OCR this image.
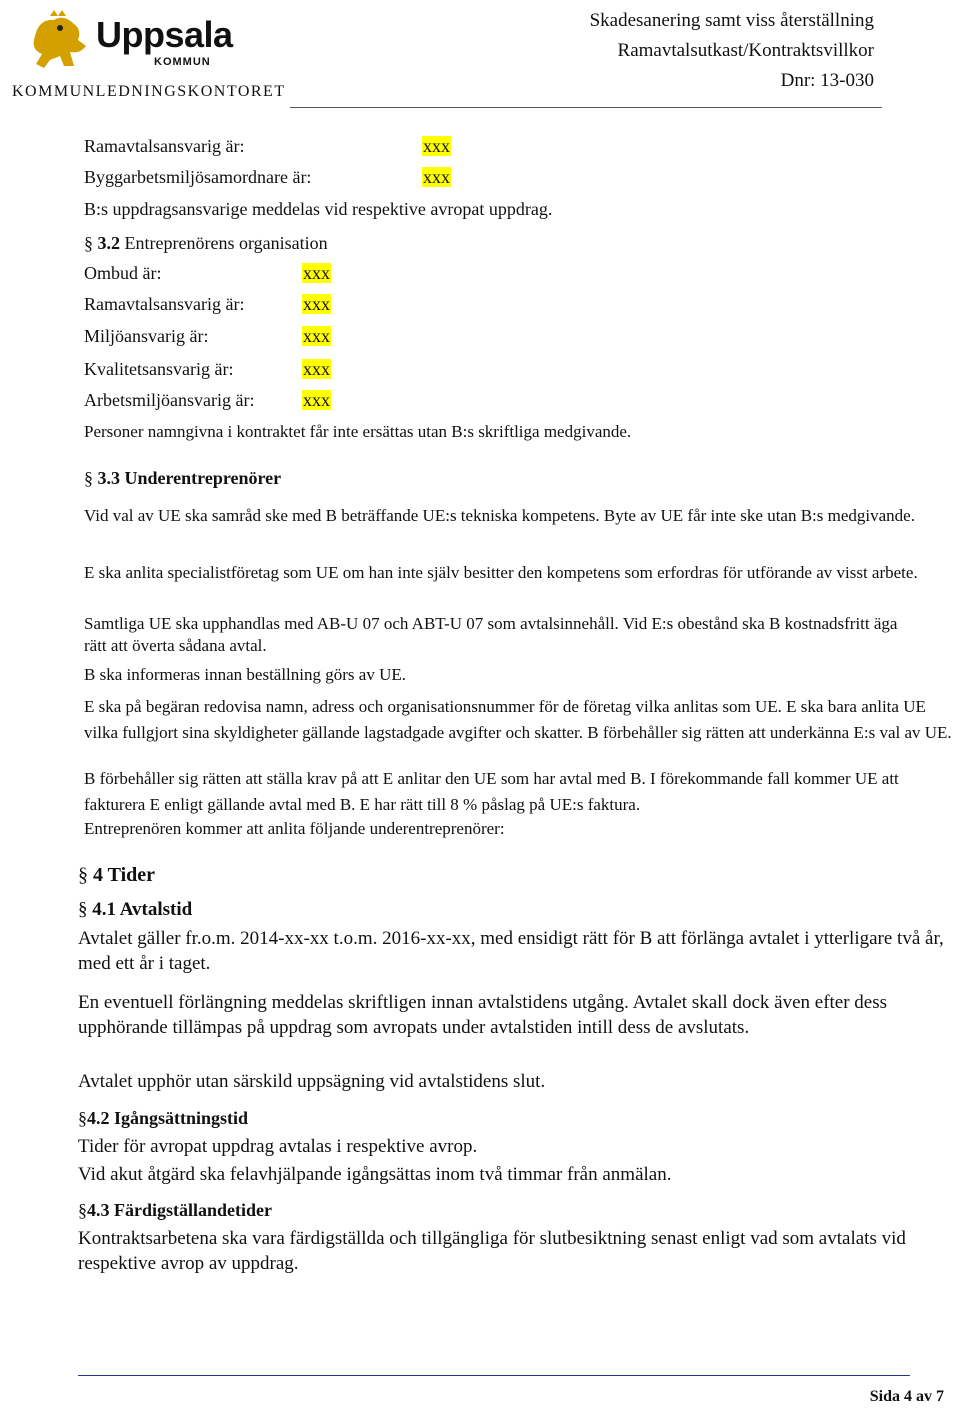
Uppsala
KOMMUN
KOMMUNLEDNINGSKONTORET
Skadesanering samt viss återställning
Ramavtalsutkast/Kontraktsvillkor
Dnr: 13-030
Ramavtalsansvarig är:	xxx
Byggarbetsmiljösamordnare är:	xxx
B:s uppdragsansvarige meddelas vid respektive avropat uppdrag.
§ 3.2 Entreprenörens organisation
Ombud är:	xxx
Ramavtalsansvarig är:	xxx
Miljöansvarig är:	xxx
Kvalitetsansvarig är:	xxx
Arbetsmiljöansvarig är:	xxx
Personer namngivna i kontraktet får inte ersättas utan B:s skriftliga medgivande.
§ 3.3 Underentreprenörer
Vid val av UE ska samråd ske med B beträffande UE:s tekniska kompetens. Byte av UE får inte ske utan B:s medgivande.
E ska anlita specialistföretag som UE om han inte själv besitter den kompetens som erfordras för utförande av visst arbete.
Samtliga UE ska upphandlas med AB-U 07 och ABT-U 07 som avtalsinnehåll. Vid E:s obestånd ska B kostnadsfritt äga rätt att överta sådana avtal.
B ska informeras innan beställning görs av UE.
E ska på begäran redovisa namn, adress och organisationsnummer för de företag vilka anlitas som UE. E ska bara anlita UE vilka fullgjort sina skyldigheter gällande lagstadgade avgifter och skatter. B förbehåller sig rätten att underkänna E:s val av UE.
B förbehåller sig rätten att ställa krav på att E anlitar den UE som har avtal med B. I förekommande fall kommer UE att fakturera E enligt gällande avtal med B. E har rätt till 8 % påslag på UE:s faktura.
Entreprenören kommer att anlita följande underentreprenörer:
§ 4 Tider
§ 4.1 Avtalstid
Avtalet gäller fr.o.m. 2014-xx-xx t.o.m. 2016-xx-xx, med ensidigt rätt för B att förlänga avtalet i ytterligare två år, med ett år i taget.
En eventuell förlängning meddelas skriftligen innan avtalstidens utgång. Avtalet skall dock även efter dess upphörande tillämpas på uppdrag som avropats under avtalstiden intill dess de avslutats.
Avtalet upphör utan särskild uppsägning vid avtalstidens slut.
§4.2 Igångsättningstid
Tider för avropat uppdrag avtalas i respektive avrop.
Vid akut åtgärd ska felavhjälpande igångsättas inom två timmar från anmälan.
§4.3 Färdigställandetider
Kontraktsarbetena ska vara färdigställda och tillgängliga för slutbesiktning senast enligt vad som avtalats vid respektive avrop av uppdrag.
Sida 4 av 7
